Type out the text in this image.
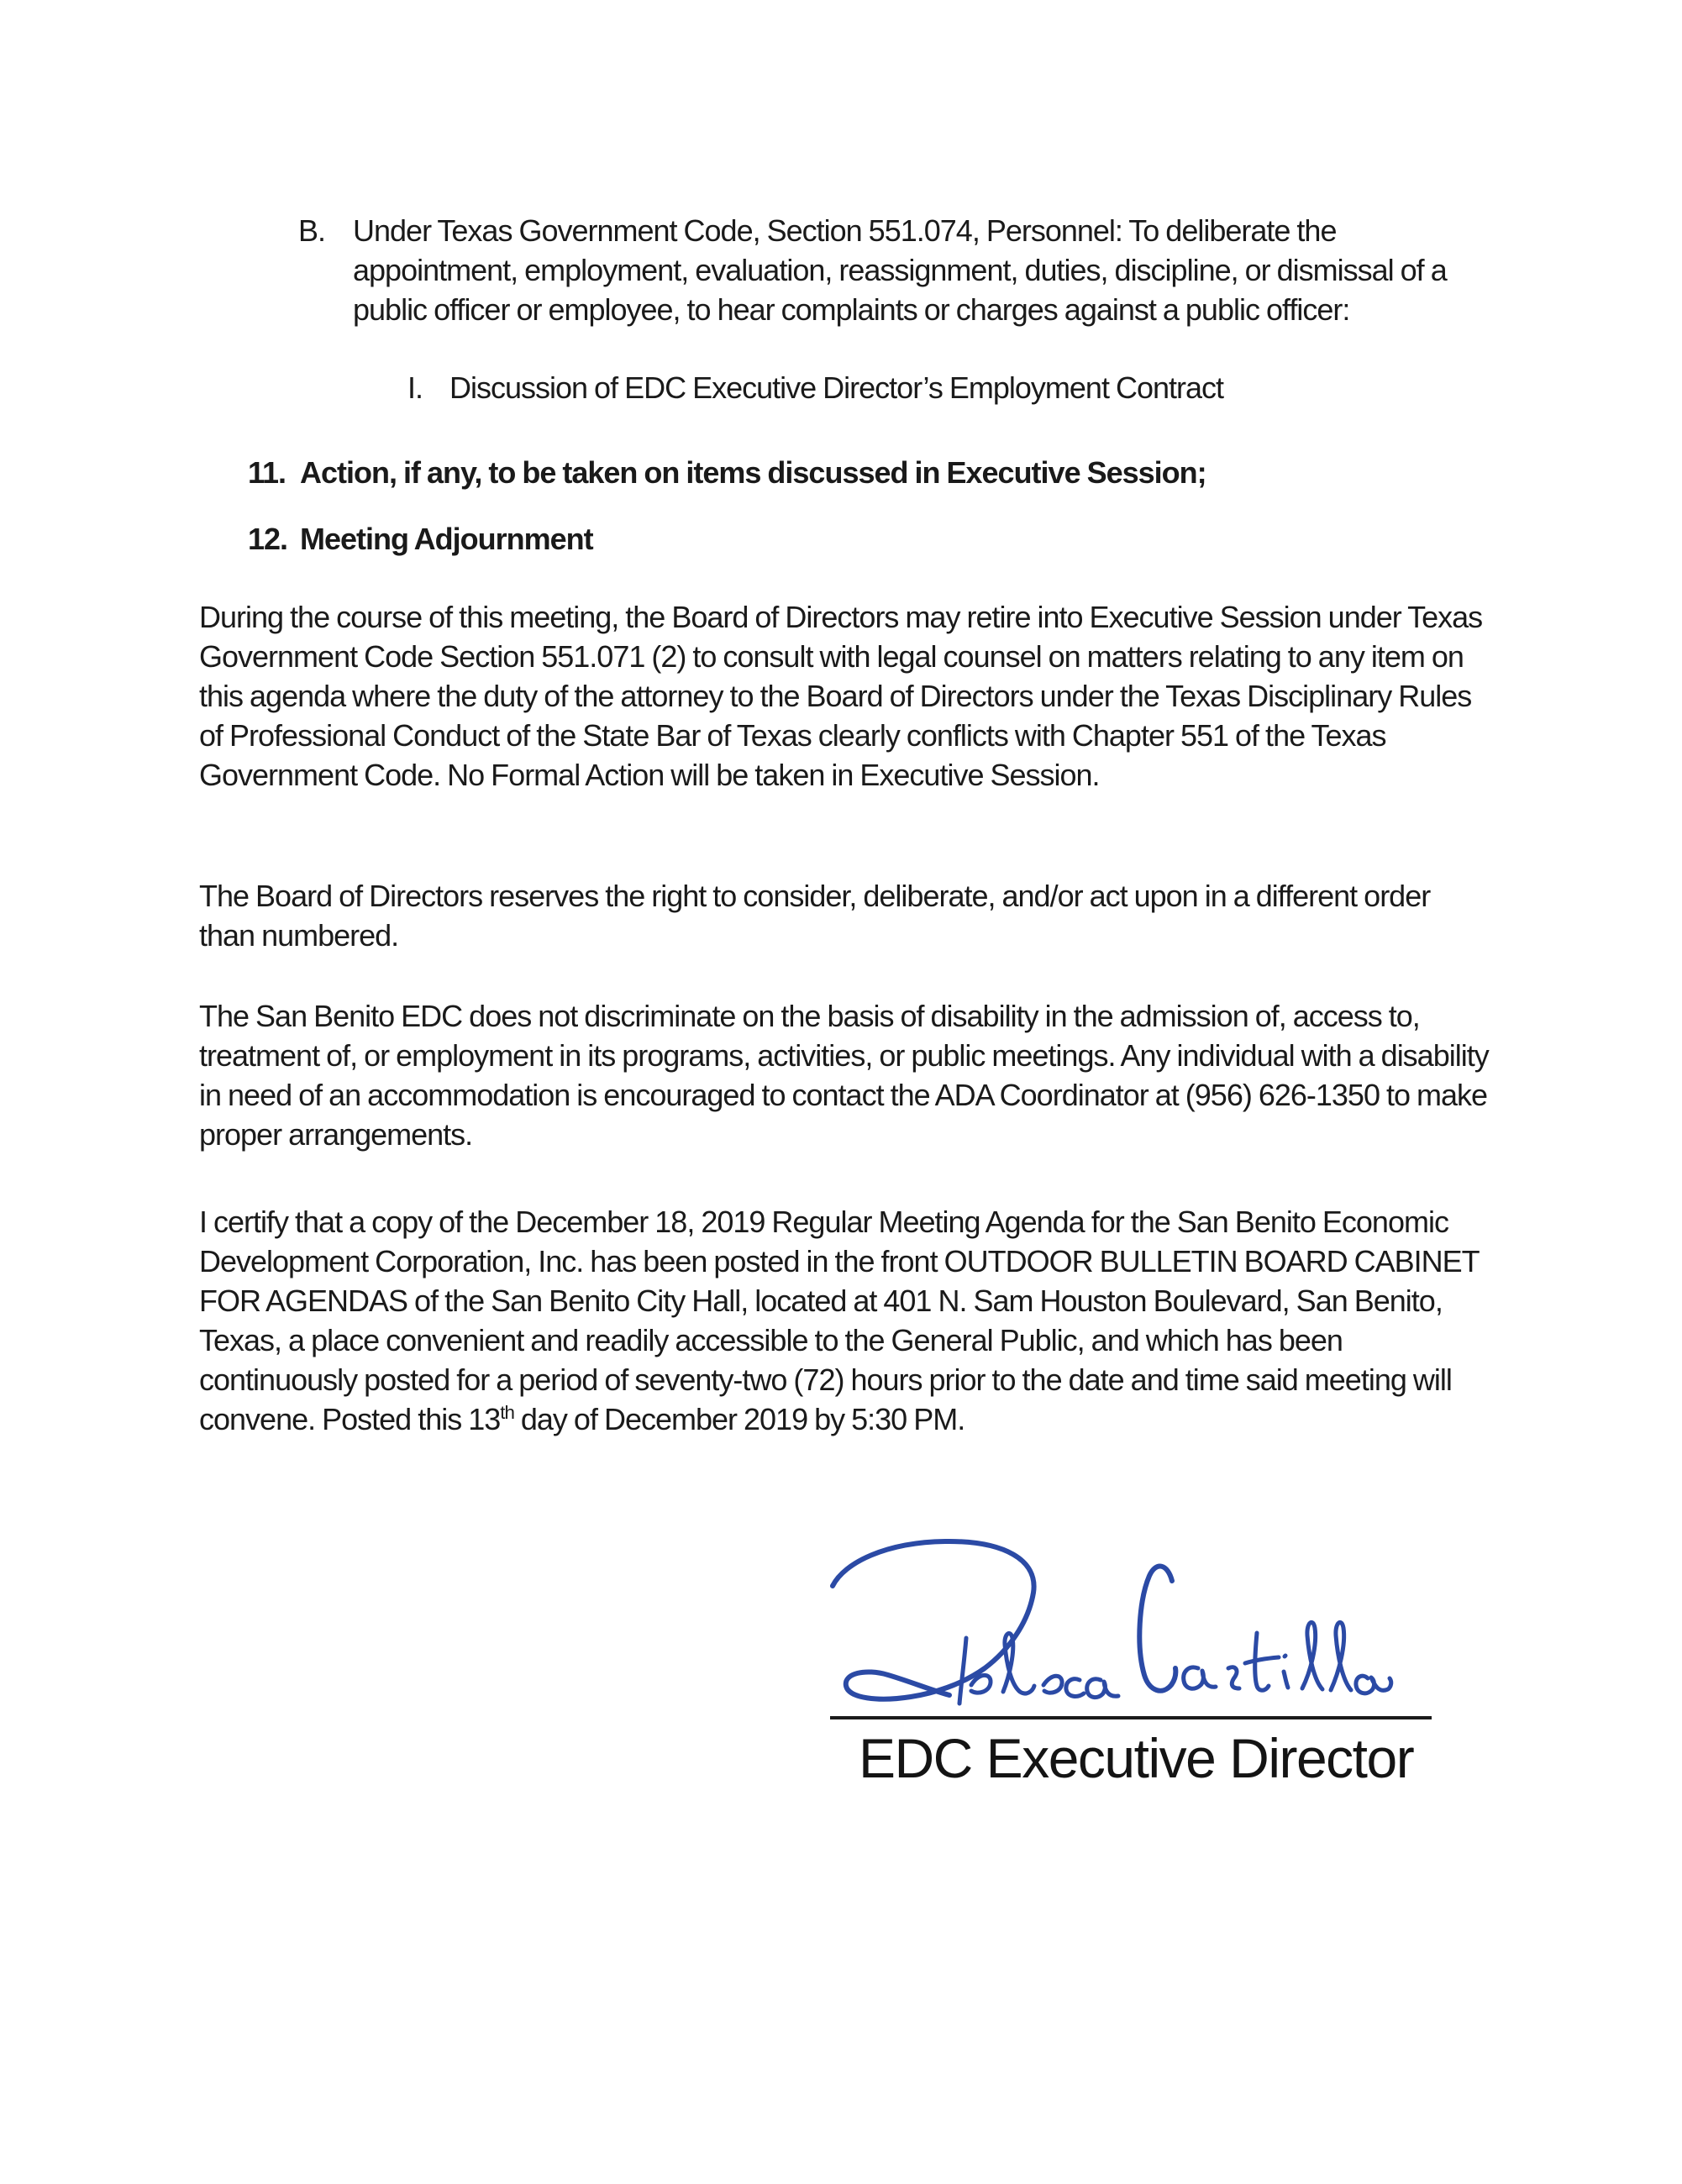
B. Under Texas Government Code, Section 551.074, Personnel: To deliberate the appointment, employment, evaluation, reassignment, duties, discipline, or dismissal of a public officer or employee, to hear complaints or charges against a public officer:
I. Discussion of EDC Executive Director’s Employment Contract
11. Action, if any, to be taken on items discussed in Executive Session;
12. Meeting Adjournment
During the course of this meeting, the Board of Directors may retire into Executive Session under Texas Government Code Section 551.071 (2) to consult with legal counsel on matters relating to any item on this agenda where the duty of the attorney to the Board of Directors under the Texas Disciplinary Rules of Professional Conduct of the State Bar of Texas clearly conflicts with Chapter 551 of the Texas Government Code. No Formal Action will be taken in Executive Session.
The Board of Directors reserves the right to consider, deliberate, and/or act upon in a different order than numbered.
The San Benito EDC does not discriminate on the basis of disability in the admission of, access to, treatment of, or employment in its programs, activities, or public meetings. Any individual with a disability in need of an accommodation is encouraged to contact the ADA Coordinator at (956) 626-1350 to make proper arrangements.
I certify that a copy of the December 18, 2019 Regular Meeting Agenda for the San Benito Economic Development Corporation, Inc. has been posted in the front OUTDOOR BULLETIN BOARD CABINET FOR AGENDAS of the San Benito City Hall, located at 401 N. Sam Houston Boulevard, San Benito, Texas, a place convenient and readily accessible to the General Public, and which has been continuously posted for a period of seventy-two (72) hours prior to the date and time said meeting will convene. Posted this 13th day of December 2019 by 5:30 PM.
EDC Executive Director
